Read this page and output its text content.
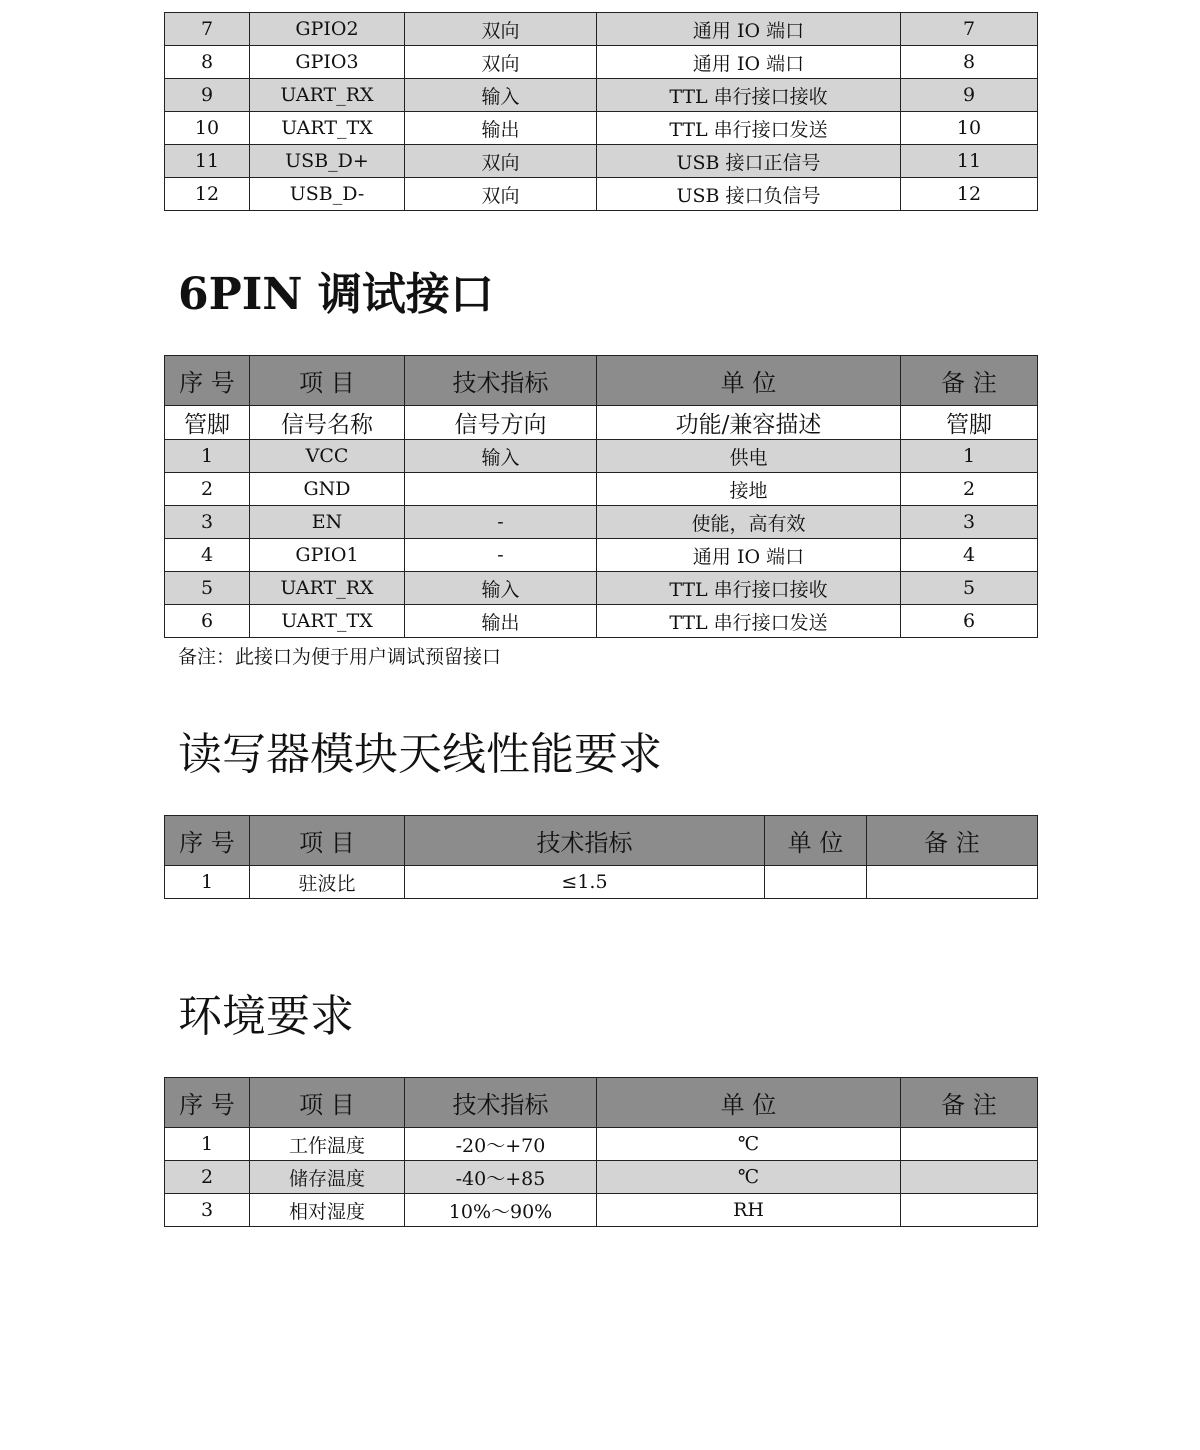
7	GPIO2	双向	通用 IO 端口	7
8	GPIO3	双向	通用 IO 端口	8
9	UART_RX	输入	TTL 串行接口接收	9
10	UART_TX	输出	TTL 串行接口发送	10
11	USB_D+	双向	USB 接口正信号	11
12	USB_D-	双向	USB 接口负信号	12
6PIN 调试接口
序 号	项 目	技术指标	单 位	备 注
管脚	信号名称	信号方向	功能/兼容描述	管脚
1	VCC	输入	供电	1
2	GND		接地	2
3	EN	-	使能，高有效	3
4	GPIO1	-	通用 IO 端口	4
5	UART_RX	输入	TTL 串行接口接收	5
6	UART_TX	输出	TTL 串行接口发送	6

备注：此接口为便于用户调试预留接口

读写器模块天线性能要求
序 号	项 目	技术指标	单 位	备 注
1	驻波比	≤1.5		
环境要求
序 号	项 目	技术指标	单 位	备 注
1	工作温度	-20～+70	℃	
2	储存温度	-40～+85	℃	
3	相对湿度	10%～90%	RH	
